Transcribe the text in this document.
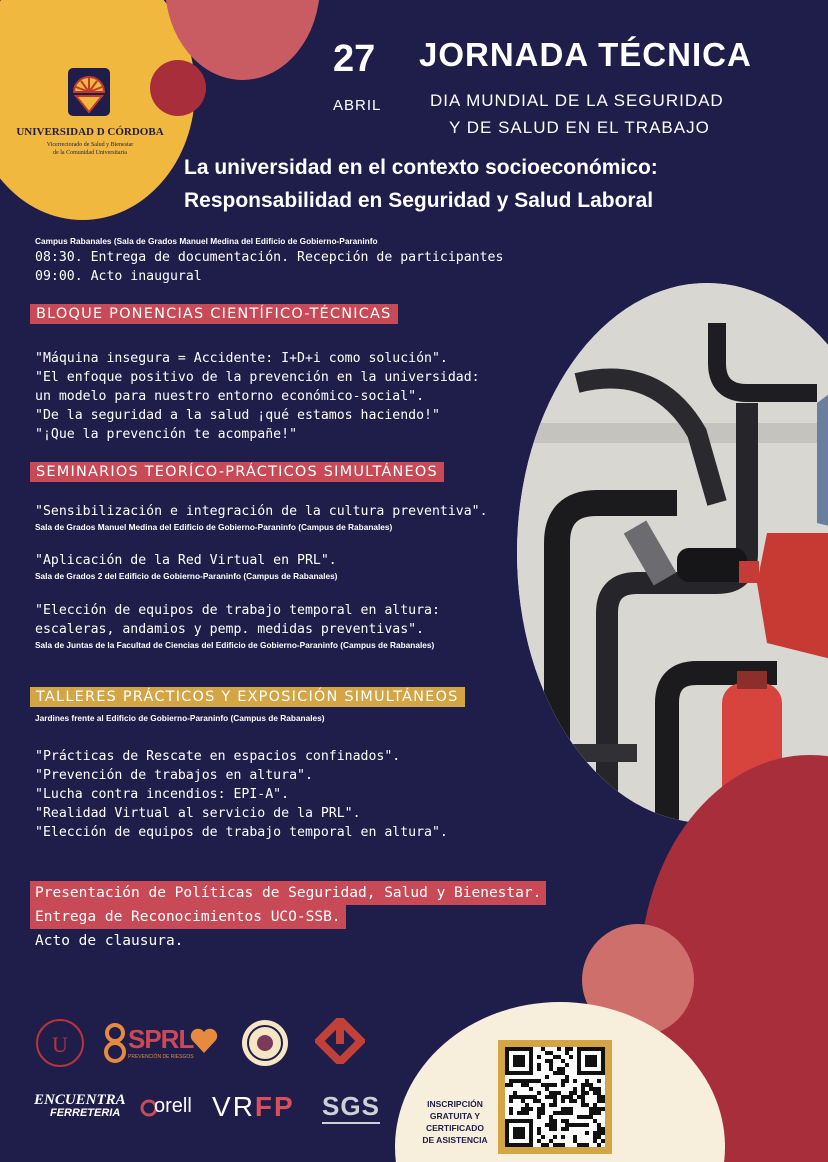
UNIVERSIDAD D CÓRDOBA
Vicerrectorado de Salud y Bienestar
de la Comunidad Universitaria
27
ABRIL
JORNADA TÉCNICA
DIA MUNDIAL DE LA SEGURIDAD
Y DE SALUD EN EL TRABAJO
La universidad en el contexto socioeconómico:
Responsabilidad en Seguridad y Salud Laboral
Campus Rabanales (Sala de Grados Manuel Medina del Edificio de Gobierno-Paraninfo
08:30. Entrega de documentación. Recepción de participantes
09:00. Acto inaugural
BLOQUE PONENCIAS CIENTÍFICO-TÉCNICAS
"Máquina insegura = Accidente: I+D+i como solución".
"El enfoque positivo de la prevención en la universidad:
un modelo para nuestro entorno económico-social".
"De la seguridad a la salud ¡qué estamos haciendo!"
"¡Que la prevención te acompañe!"
SEMINARIOS TEORÍCO-PRÁCTICOS SIMULTÁNEOS
"Sensibilización e integración de la cultura preventiva".
Sala de Grados Manuel Medina del Edificio de Gobierno-Paraninfo (Campus de Rabanales)
"Aplicación de la Red Virtual en PRL".
Sala de Grados 2 del Edificio de Gobierno-Paraninfo (Campus de Rabanales)
"Elección de equipos de trabajo temporal en altura:
escaleras, andamios y pemp. medidas preventivas".
Sala de Juntas de la Facultad de Ciencias del Edificio de Gobierno-Paraninfo (Campus de Rabanales)
TALLERES PRÁCTICOS Y EXPOSICIÓN SIMULTÁNEOS
Jardines frente al Edificio de Gobierno-Paraninfo (Campus de Rabanales)
"Prácticas de Rescate en espacios confinados".
"Prevención de trabajos en altura".
"Lucha contra incendios: EPI-A".
"Realidad Virtual al servicio de la PRL".
"Elección de equipos de trabajo temporal en altura".
Presentación de Políticas de Seguridad, Salud y Bienestar.
Entrega de Reconocimientos UCO-SSB.
Acto de clausura.
U SPRL
PREVENCIÓN DE RIESGOS
ENCUENTRA
FERRETERIA orell VRFP SGS	INSCRIPCIÓN
GRATUITA Y
CERTIFICADO
DE ASISTENCIA
